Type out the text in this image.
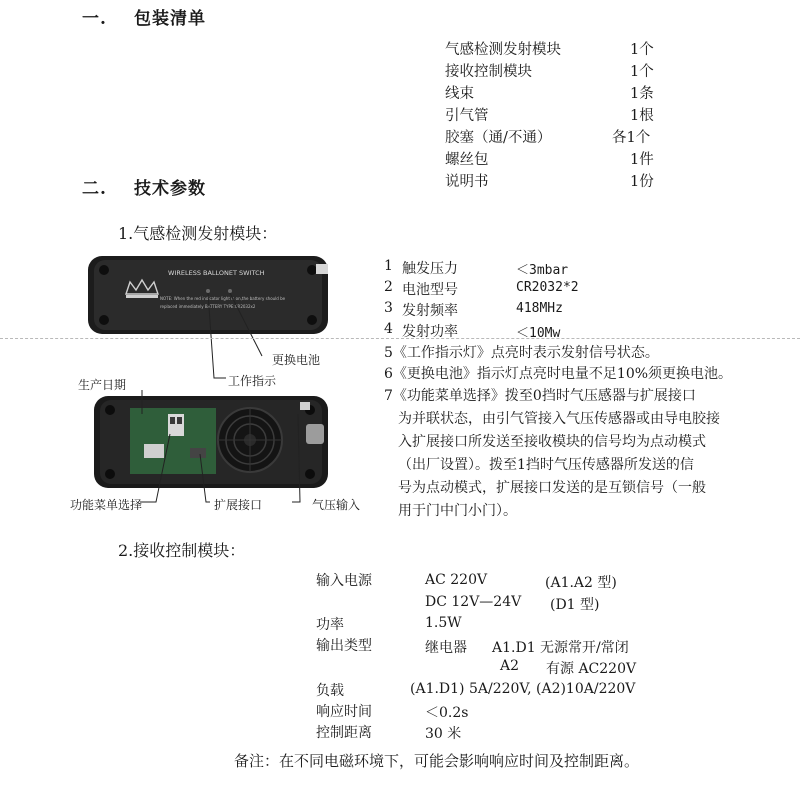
一. 包装清单
气感检测发射模块	1个
接收控制模块	1个
线束	1条
引气管	1根
胶塞（通/不通）	各1个
螺丝包	1件
说明书	1份
二. 技术参数
1.气感检测发射模块：
WIRELESS BALLONET SWITCH
NOTE: When the red indicator light is on,the battery should be
replaced immediately BATTERY TYPE:CR2032x2
更换电池
工作指示
生产日期
功能菜单选择	扩展接口	气压输入
1 触发压力	＜3mbar
2 电池型号	CR2032*2
3 发射频率	418MHz
4 发射功率	＜10Mw
5《工作指示灯》点亮时表示发射信号状态。
6《更换电池》指示灯点亮时电量不足10%须更换电池。
7《功能菜单选择》拨至0挡时气压感器与扩展接口
为并联状态，由引气管接入气压传感器或由导电胶接
入扩展接口所发送至接收模块的信号均为点动模式
（出厂设置）。拨至1挡时气压传感器所发送的信
号为点动模式，扩展接口发送的是互锁信号（一般
用于门中门小门）。
2.接收控制模块：
输入电源	AC 220V	(A1.A2 型)
DC 12V—24V (D1 型)
功率	1.5W
输出类型	继电器 A1.D1 无源常开/常闭
A2 有源 AC220V
负载	(A1.D1) 5A/220V, (A2)10A/220V
响应时间	＜0.2s
控制距离	30 米
备注：在不同电磁环境下，可能会影响响应时间及控制距离。
